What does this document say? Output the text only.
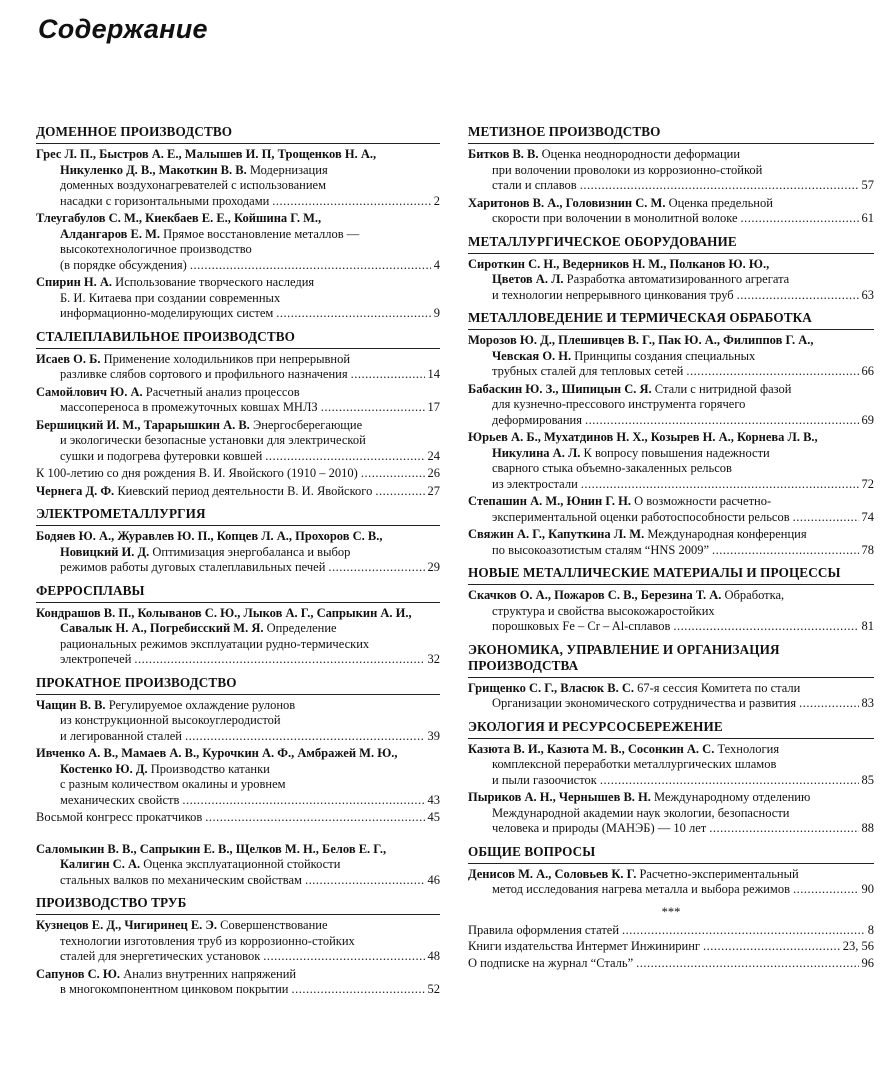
Содержание
ДОМЕННОЕ ПРОИЗВОДСТВО
Грес Л. П., Быстров А. Е., Малышев И. П, Трощенков Н. А.,
Никуленко Д. В., Макоткин В. В. Модернизация
доменных воздухонагревателей с использованием
насадки с горизонтальными проходами .....	2
Тлеугабулов С. М., Киекбаев Е. Е., Койшина Г. М.,
Алдангаров Е. М. Прямое восстановление металлов —
высокотехнологичное производство
(в порядке обсуждения) .....	4
Спирин Н. А. Использование творческого наследия
Б. И. Китаева при создании современных
информационно-моделирующих систем .....	9
СТАЛЕПЛАВИЛЬНОЕ ПРОИЗВОДСТВО
Исаев О. Б. Применение холодильников при непрерывной
разливке слябов сортового и профильного назначения .....	14
Самойлович Ю. А. Расчетный анализ процессов
массопереноса в промежуточных ковшах МНЛЗ .....	17
Бершицкий И. М., Тарарышкин А. В. Энергосберегающие
и экологически безопасные установки для электрической
сушки и подогрева футеровки ковшей .....	24
К 100-летию со дня рождения В. И. Явойского (1910 – 2010) .....	26
Чернега Д. Ф. Киевский период деятельности В. И. Явойского .....	27
ЭЛЕКТРОМЕТАЛЛУРГИЯ
Бодяев Ю. А., Журавлев Ю. П., Копцев Л. А., Прохоров С. В.,
Новицкий И. Д. Оптимизация энергобаланса и выбор
режимов работы дуговых сталеплавильных печей .....	29
ФЕРРОСПЛАВЫ
Кондрашов В. П., Колыванов С. Ю., Лыков А. Г., Сапрыкин А. И.,
Савалык Н. А., Погребисский М. Я. Определение
рациональных режимов эксплуатации рудно-термических
электропечей .....	32
ПРОКАТНОЕ ПРОИЗВОДСТВО
Чащин В. В. Регулируемое охлаждение рулонов
из конструкционной высокоуглеродистой
и легированной сталей .....	39
Ивченко А. В., Мамаев А. В., Курочкин А. Ф., Амбражей М. Ю.,
Костенко Ю. Д. Производство катанки
с разным количеством окалины и уровнем
механических свойств .....	43
Восьмой конгресс прокатчиков .....	45
Саломыкин В. В., Сапрыкин Е. В., Щелков М. Н., Белов Е. Г.,
Калигин С. А. Оценка эксплуатационной стойкости
стальных валков по механическим свойствам .....	46
ПРОИЗВОДСТВО ТРУБ
Кузнецов Е. Д., Чигиринец Е. Э. Совершенствование
технологии изготовления труб из коррозионно-стойких
сталей для энергетических установок .....	48
Сапунов С. Ю. Анализ внутренних напряжений
в многокомпонентном цинковом покрытии .....	52
МЕТИЗНОЕ ПРОИЗВОДСТВО
Битков В. В. Оценка неоднородности деформации
при волочении проволоки из коррозионно-стойкой
стали и сплавов .....	57
Харитонов В. А., Головизнин С. М. Оценка предельной
скорости при волочении в монолитной волоке .....	61
МЕТАЛЛУРГИЧЕСКОЕ ОБОРУДОВАНИЕ
Сироткин С. Н., Ведерников Н. М., Полканов Ю. Ю.,
Цветов А. Л. Разработка автоматизированного агрегата
и технологии непрерывного цинкования труб .....	63
МЕТАЛЛОВЕДЕНИЕ И ТЕРМИЧЕСКАЯ ОБРАБОТКА
Морозов Ю. Д., Плешивцев В. Г., Пак Ю. А., Филиппов Г. А.,
Чевская О. Н. Принципы создания специальных
трубных сталей для тепловых сетей .....	66
Бабаскин Ю. З., Шипицын С. Я. Стали с нитридной фазой
для кузнечно-прессового инструмента горячего
деформирования .....	69
Юрьев А. Б., Мухатдинов Н. Х., Козырев Н. А., Корнева Л. В.,
Никулина А. Л. К вопросу повышения надежности
сварного стыка объемно-закаленных рельсов
из электростали .....	72
Степашин А. М., Юнин Г. Н. О возможности расчетно-
экспериментальной оценки работоспособности рельсов .....	74
Свяжин А. Г., Капуткина Л. М. Международная конференция
по высокоазотистым сталям “HNS 2009” .....	78
НОВЫЕ МЕТАЛЛИЧЕСКИЕ МАТЕРИАЛЫ И ПРОЦЕССЫ
Скачков О. А., Пожаров С. В., Березина Т. А. Обработка,
структура и свойства высокожаростойких
порошковых Fe – Cr – Al-сплавов .....	81
ЭКОНОМИКА, УПРАВЛЕНИЕ И ОРГАНИЗАЦИЯ ПРОИЗВОДСТВА
Грищенко С. Г., Власюк В. С. 67-я сессия Комитета по стали
Организации экономического сотрудничества и развития .....	83
ЭКОЛОГИЯ И РЕСУРСОСБЕРЕЖЕНИЕ
Казюта В. И., Казюта М. В., Сосонкин А. С. Технология
комплексной переработки металлургических шламов
и пыли газоочисток .....	85
Пыриков А. Н., Чернышев В. Н. Международному отделению
Международной академии наук экологии, безопасности
человека и природы (МАНЭБ) — 10 лет .....	88
ОБЩИЕ ВОПРОСЫ
Денисов М. А., Соловьев К. Г. Расчетно-экспериментальный
метод исследования нагрева металла и выбора режимов .....	90
***
Правила оформления статей .....	8
Книги издательства Интермет Инжиниринг .....	23, 56
О подписке на журнал “Сталь” .....	96
